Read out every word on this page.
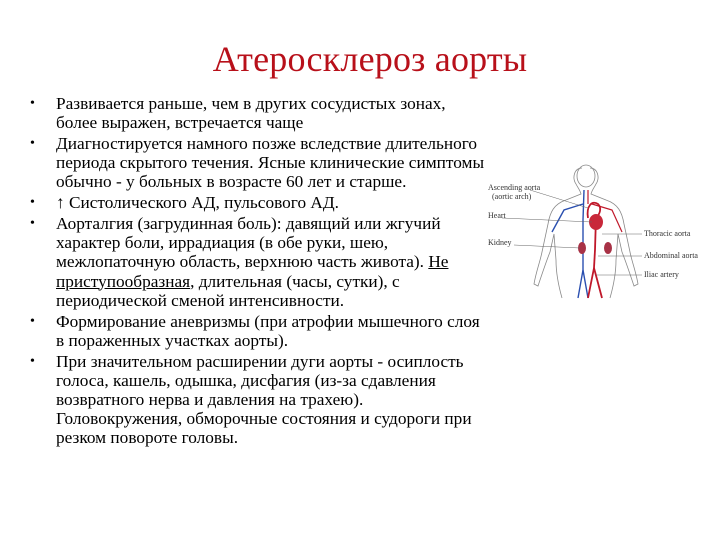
Атеросклероз аорты
• Развивается раньше, чем в других сосудистых зонах, более выражен, встречается чаще
• Диагностируется намного позже вследствие длительного периода скрытого течения. Ясные клинические симптомы обычно - у больных в возрасте 60 лет и старше.
• ↑ Систолического АД, пульсового АД.
• Аорталгия (загрудинная боль): давящий или жгучий характер боли, иррадиация (в обе руки, шею, межлопаточную область, верхнюю часть живота). Не приступообразная, длительная (часы, сутки), с периодической сменой интенсивности.
• Формирование аневризмы (при атрофии мышечного слоя в пораженных участках аорты).
• При значительном расширении дуги аорты - осиплость голоса, кашель, одышка, дисфагия (из-за сдавления возвратного нерва и давления на трахею). Головокружения, обморочные состояния и судороги при резком повороте головы.
Ascending aorta
(aortic arch)
Heart
Kidney
Thoracic aorta
Abdominal aorta
Iliac artery
